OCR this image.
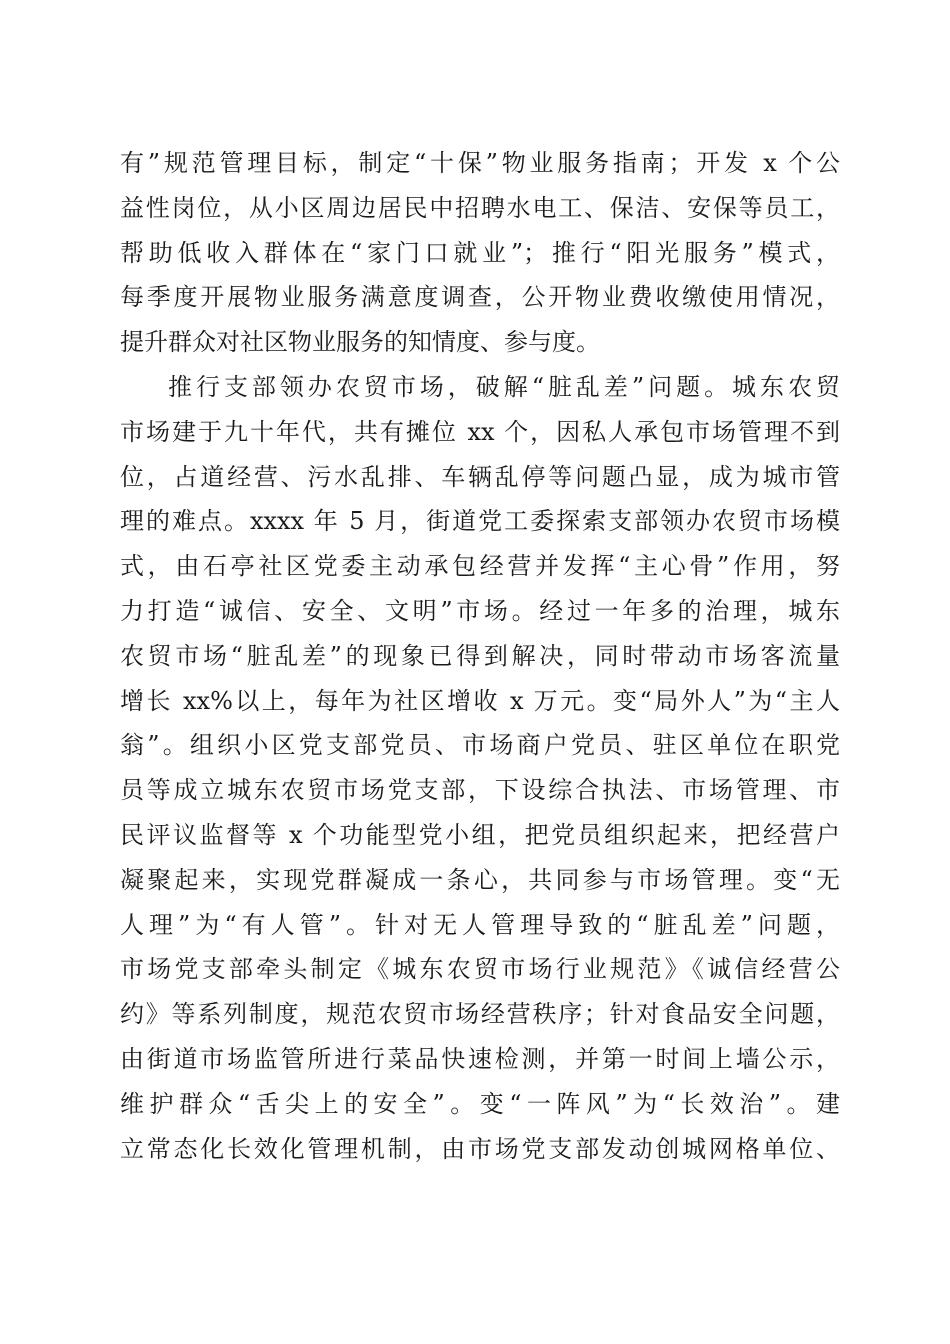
有”规范管理目标，制定“十保”物业服务指南；开发 x 个公
益性岗位，从小区周边居民中招聘水电工、保洁、安保等员工，
帮助低收入群体在“家门口就业”；推行“阳光服务”模式，
每季度开展物业服务满意度调查，公开物业费收缴使用情况，
提升群众对社区物业服务的知情度、参与度。
推行支部领办农贸市场，破解“脏乱差”问题。城东农贸
市场建于九十年代，共有摊位 xx 个，因私人承包市场管理不到
位，占道经营、污水乱排、车辆乱停等问题凸显，成为城市管
理的难点。xxxx 年 5 月，街道党工委探索支部领办农贸市场模
式，由石亭社区党委主动承包经营并发挥“主心骨”作用，努
力打造“诚信、安全、文明”市场。经过一年多的治理，城东
农贸市场“脏乱差”的现象已得到解决，同时带动市场客流量
增长 xx%以上，每年为社区增收 x 万元。变“局外人”为“主人
翁”。组织小区党支部党员、市场商户党员、驻区单位在职党
员等成立城东农贸市场党支部，下设综合执法、市场管理、市
民评议监督等 x 个功能型党小组，把党员组织起来，把经营户
凝聚起来，实现党群凝成一条心，共同参与市场管理。变“无
人理”为“有人管”。针对无人管理导致的“脏乱差”问题，
市场党支部牵头制定《城东农贸市场行业规范》《诚信经营公
约》等系列制度，规范农贸市场经营秩序；针对食品安全问题，
由街道市场监管所进行菜品快速检测，并第一时间上墙公示，
维护群众“舌尖上的安全”。变“一阵风”为“长效治”。建
立常态化长效化管理机制，由市场党支部发动创城网格单位、
